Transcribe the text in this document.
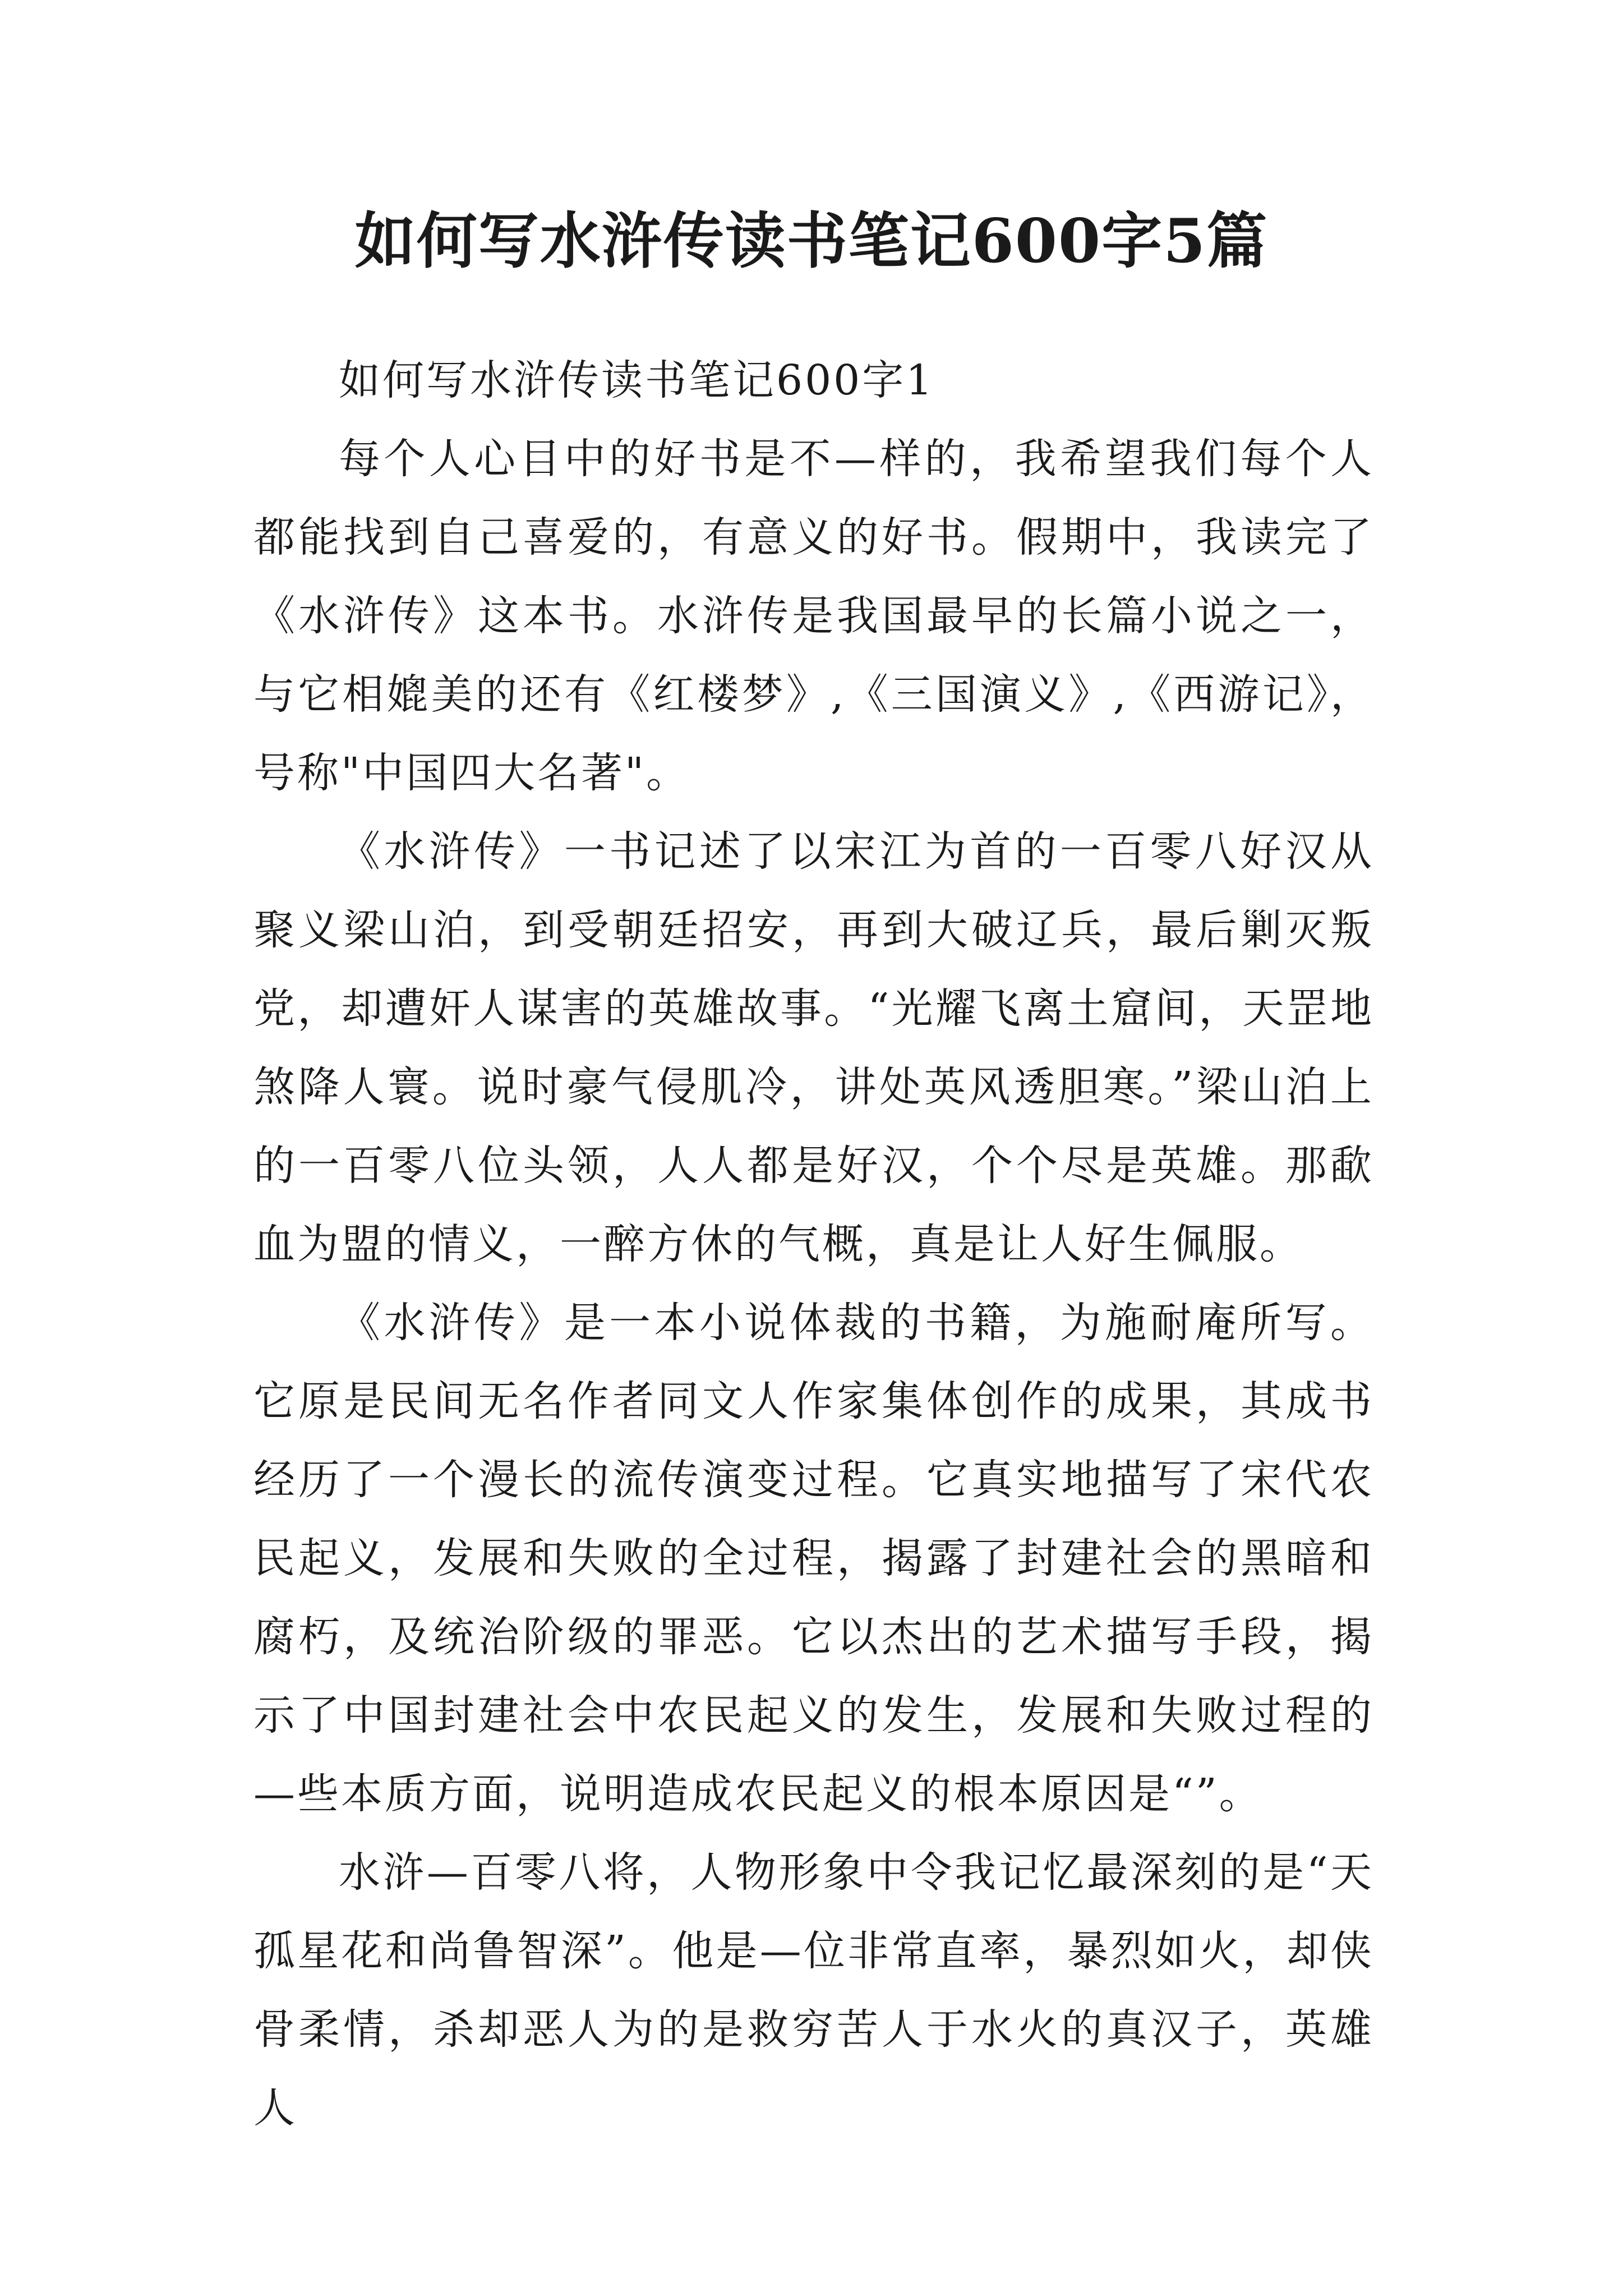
如何写水浒传读书笔记600字5篇
如何写水浒传读书笔记600字1

每个人心目中的好书是不—样的，我希望我们每个人都能找到自己喜爱的，有意义的好书。假期中，我读完了《水浒传》这本书。水浒传是我国最早的长篇小说之一，与它相媲美的还有《红楼梦》,《三国演义》,《西游记》，号称"中国四大名著"。

《水浒传》一书记述了以宋江为首的一百零八好汉从聚义梁山泊，到受朝廷招安，再到大破辽兵，最后剿灭叛党，却遭奸人谋害的英雄故事。“光耀飞离土窟间，天罡地煞降人寰。说时豪气侵肌冷，讲处英风透胆寒。”梁山泊上的一百零八位头领，人人都是好汉，个个尽是英雄。那歃血为盟的情义，一醉方休的气概，真是让人好生佩服。

《水浒传》是一本小说体裁的书籍，为施耐庵所写。它原是民间无名作者同文人作家集体创作的成果，其成书经历了一个漫长的流传演变过程。它真实地描写了宋代农民起义，发展和失败的全过程，揭露了封建社会的黑暗和腐朽，及统治阶级的罪恶。它以杰出的艺术描写手段，揭示了中国封建社会中农民起义的发生，发展和失败过程的—些本质方面，说明造成农民起义的根本原因是“”。

水浒—百零八将，人物形象中令我记忆最深刻的是“天孤星花和尚鲁智深”。他是—位非常直率，暴烈如火，却侠骨柔情，杀却恶人为的是救穷苦人于水火的真汉子，英雄人
